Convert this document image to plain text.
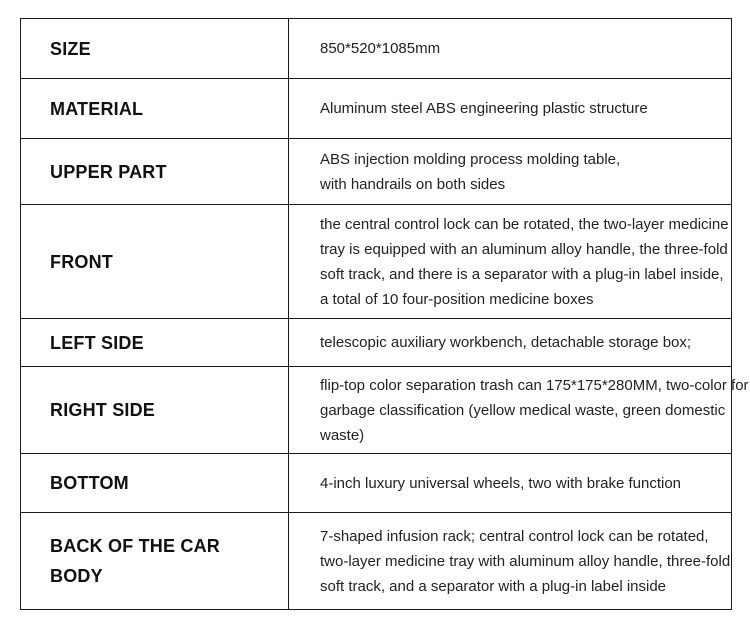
SIZE	850*520*1085mm

MATERIAL	Aluminum steel ABS engineering plastic structure

UPPER PART	ABS injection molding process molding table,
with handrails on both sides

FRONT	the central control lock can be rotated, the two-layer medicine
tray is equipped with an aluminum alloy handle, the three-fold
soft track, and there is a separator with a plug-in label inside,
a total of 10 four-position medicine boxes

LEFT SIDE	telescopic auxiliary workbench, detachable storage box;

RIGHT SIDE	flip-top color separation trash can 175*175*280MM, two-color for
garbage classification (yellow medical waste, green domestic
waste)

BOTTOM	4-inch luxury universal wheels, two with brake function

BACK OF THE CAR
BODY	7-shaped infusion rack; central control lock can be rotated,
two-layer medicine tray with aluminum alloy handle, three-fold
soft track, and a separator with a plug-in label inside
